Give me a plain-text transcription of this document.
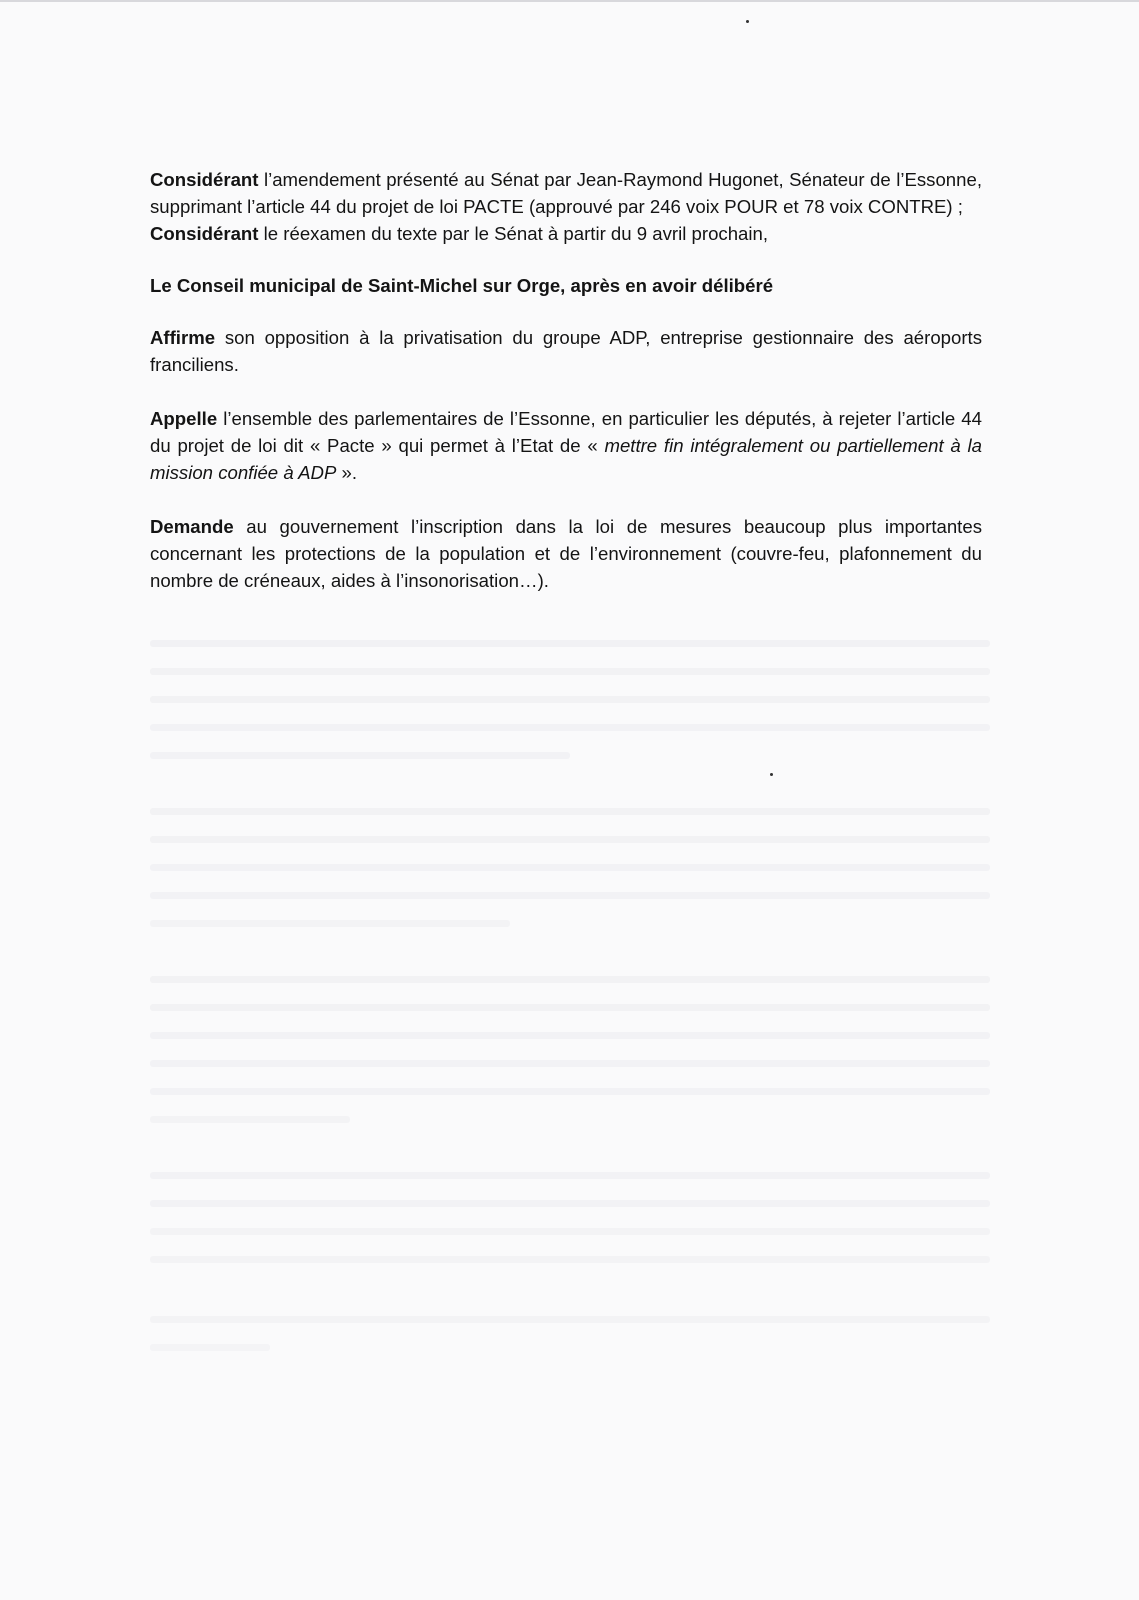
Considérant l’amendement présenté au Sénat par Jean-Raymond Hugonet, Sénateur de l’Essonne, supprimant l’article 44 du projet de loi PACTE (approuvé par 246 voix POUR et 78 voix CONTRE) ;

Considérant le réexamen du texte par le Sénat à partir du 9 avril prochain,

Le Conseil municipal de Saint-Michel sur Orge, après en avoir délibéré

Affirme son opposition à la privatisation du groupe ADP, entreprise gestionnaire des aéroports franciliens.

Appelle l’ensemble des parlementaires de l’Essonne, en particulier les députés, à rejeter l’article 44 du projet de loi dit « Pacte » qui permet à l’Etat de « mettre fin intégralement ou partiellement à la mission confiée à ADP ».

Demande au gouvernement l’inscription dans la loi de mesures beaucoup plus importantes concernant les protections de la population et de l’environnement (couvre-feu, plafonnement du nombre de créneaux, aides à l’insonorisation…).
